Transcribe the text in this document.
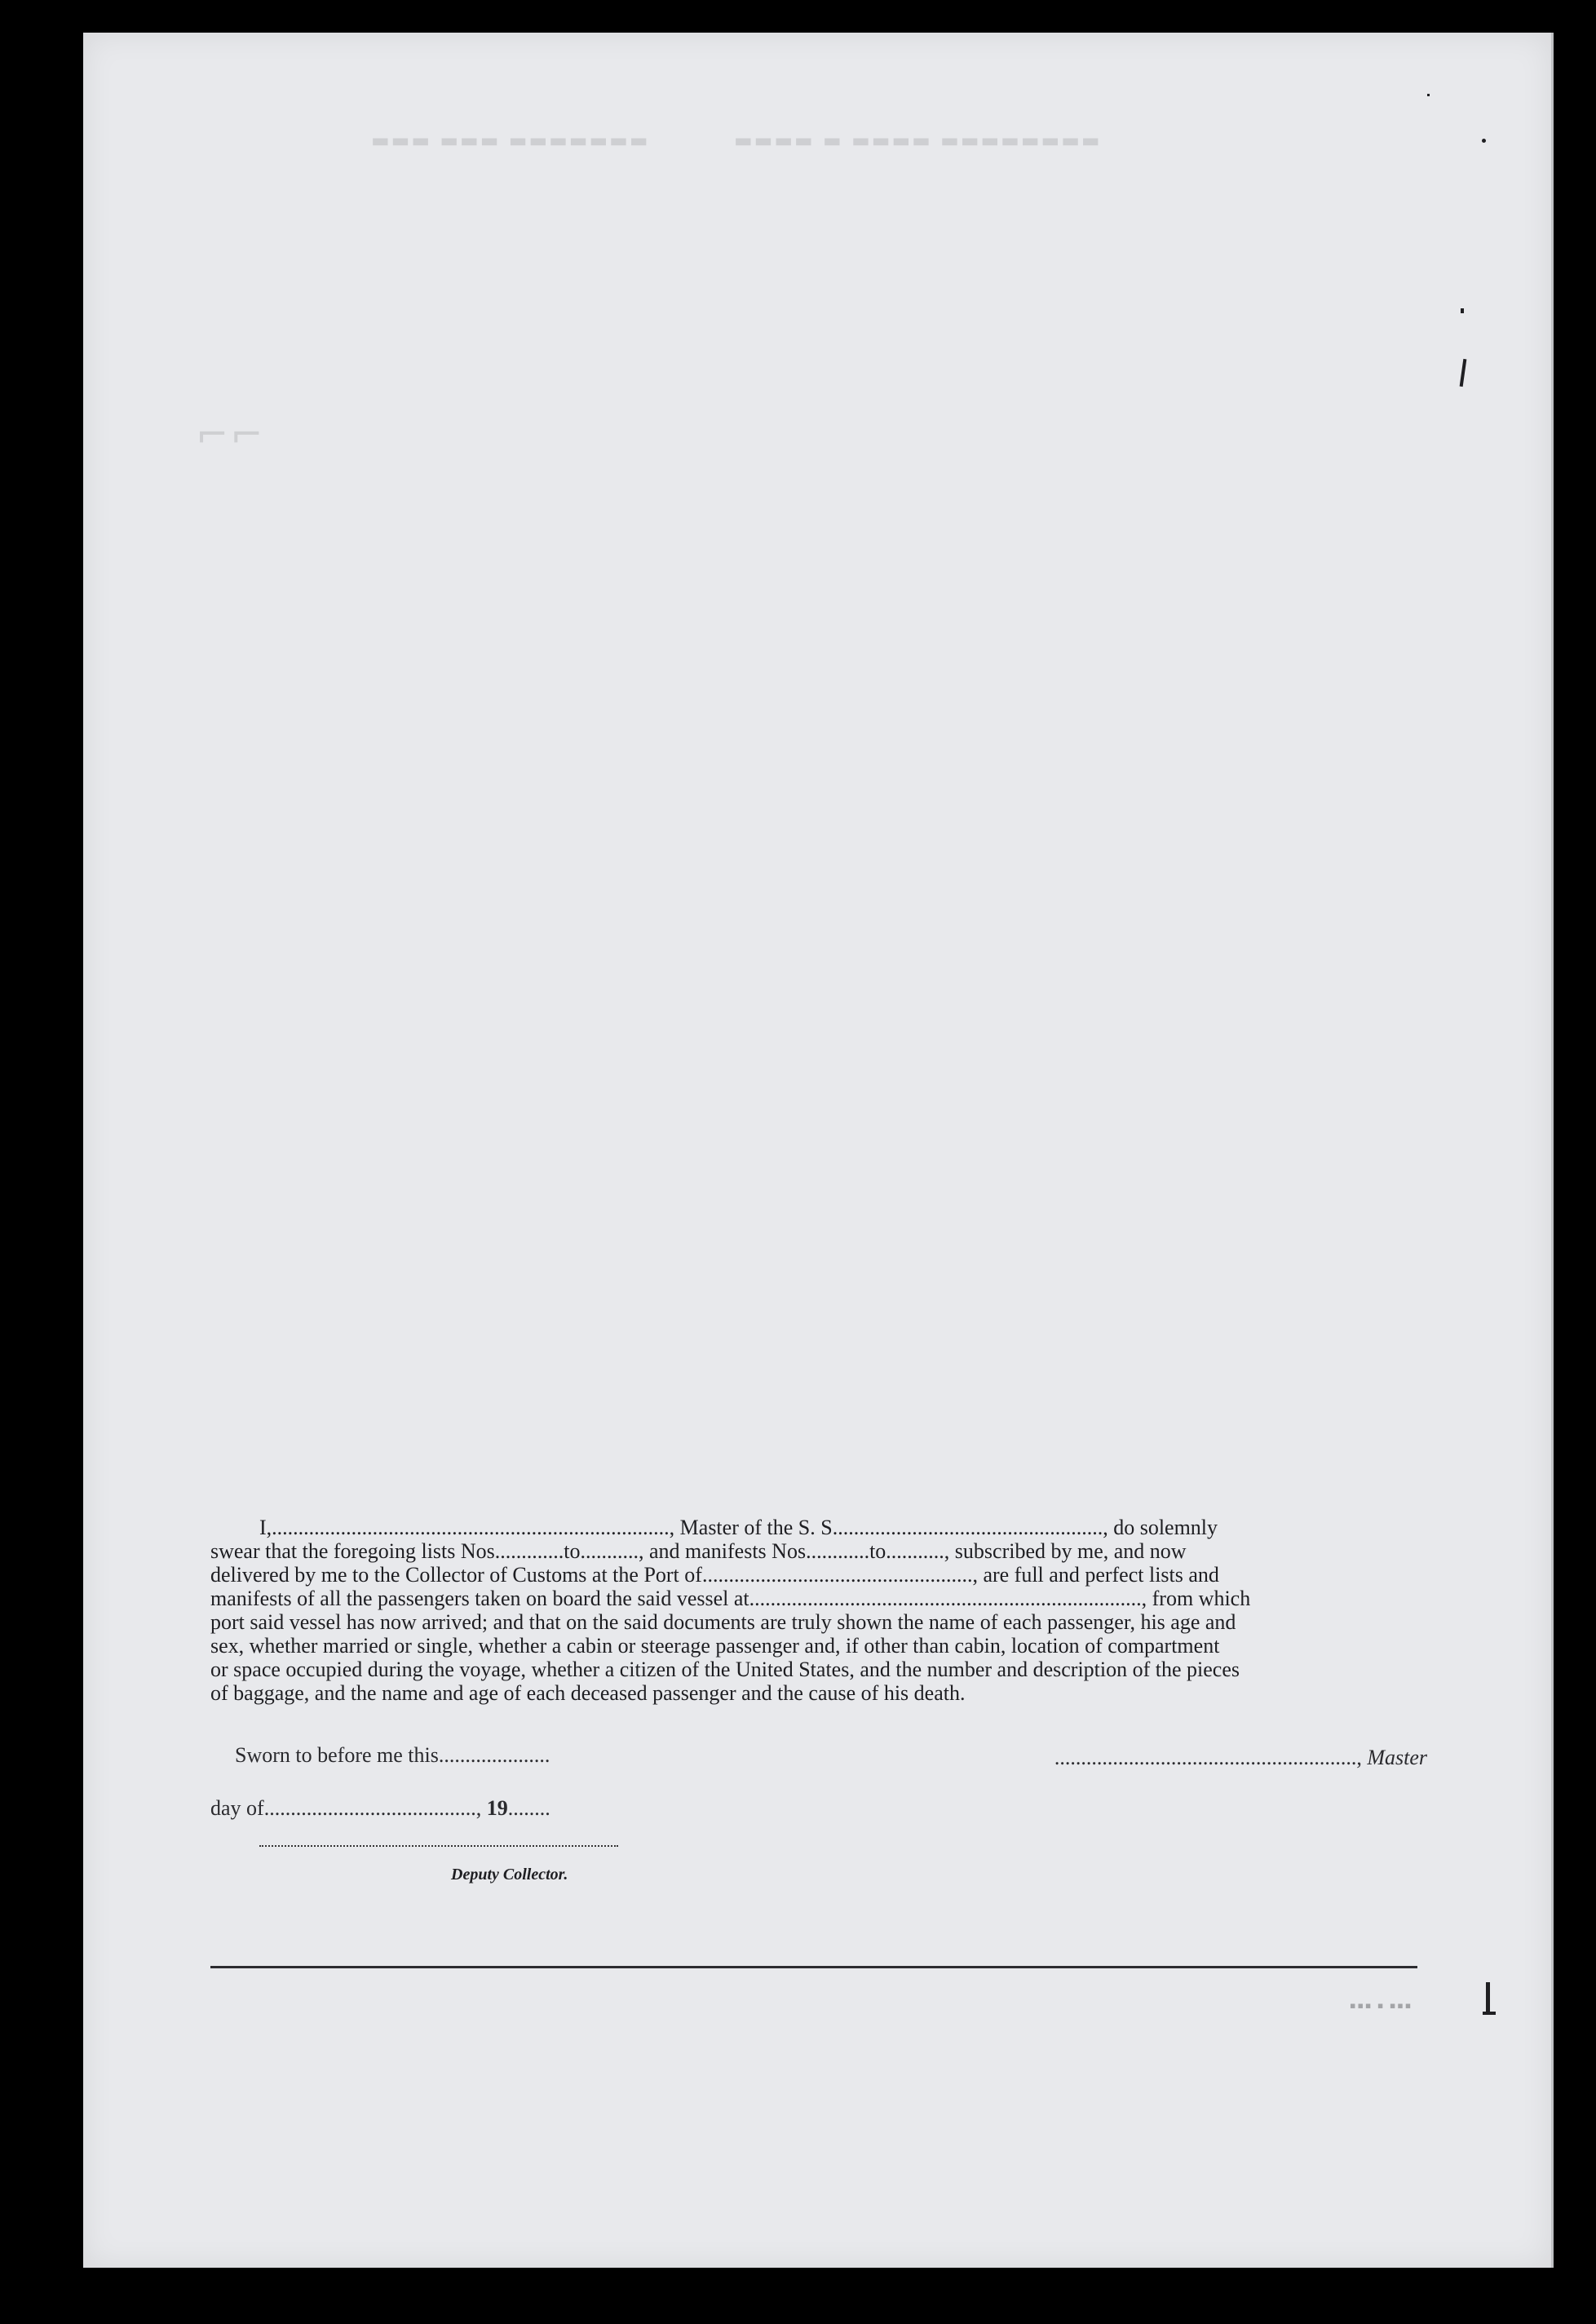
▬▬▬ ▬▬▬ ▬▬▬▬▬▬▬	▬▬▬▬ ▬ ▬▬▬▬ ▬▬▬▬▬▬▬▬
⌐⌐

I,..........................................................................., Master of the S. S..................................................., do solemnly

swear that the foregoing lists Nos.............to..........., and manifests Nos............to..........., subscribed by me, and now

delivered by me to the Collector of Customs at the Port of..................................................., are full and perfect lists and

manifests of all the passengers taken on board the said vessel at.........................................................................., from which

port said vessel has now arrived; and that on the said documents are truly shown the name of each passenger, his age and

sex, whether married or single, whether a cabin or steerage passenger and, if other than cabin, location of compartment

or space occupied during the voyage, whether a citizen of the United States, and the number and description of the pieces

of baggage, and the name and age of each deceased passenger and the cause of his death.

Sworn to before me this.....................	........................................................., Master
day of........................................, 19........
Deputy Collector.
▪▪▪ ▪ ▪▪▪
